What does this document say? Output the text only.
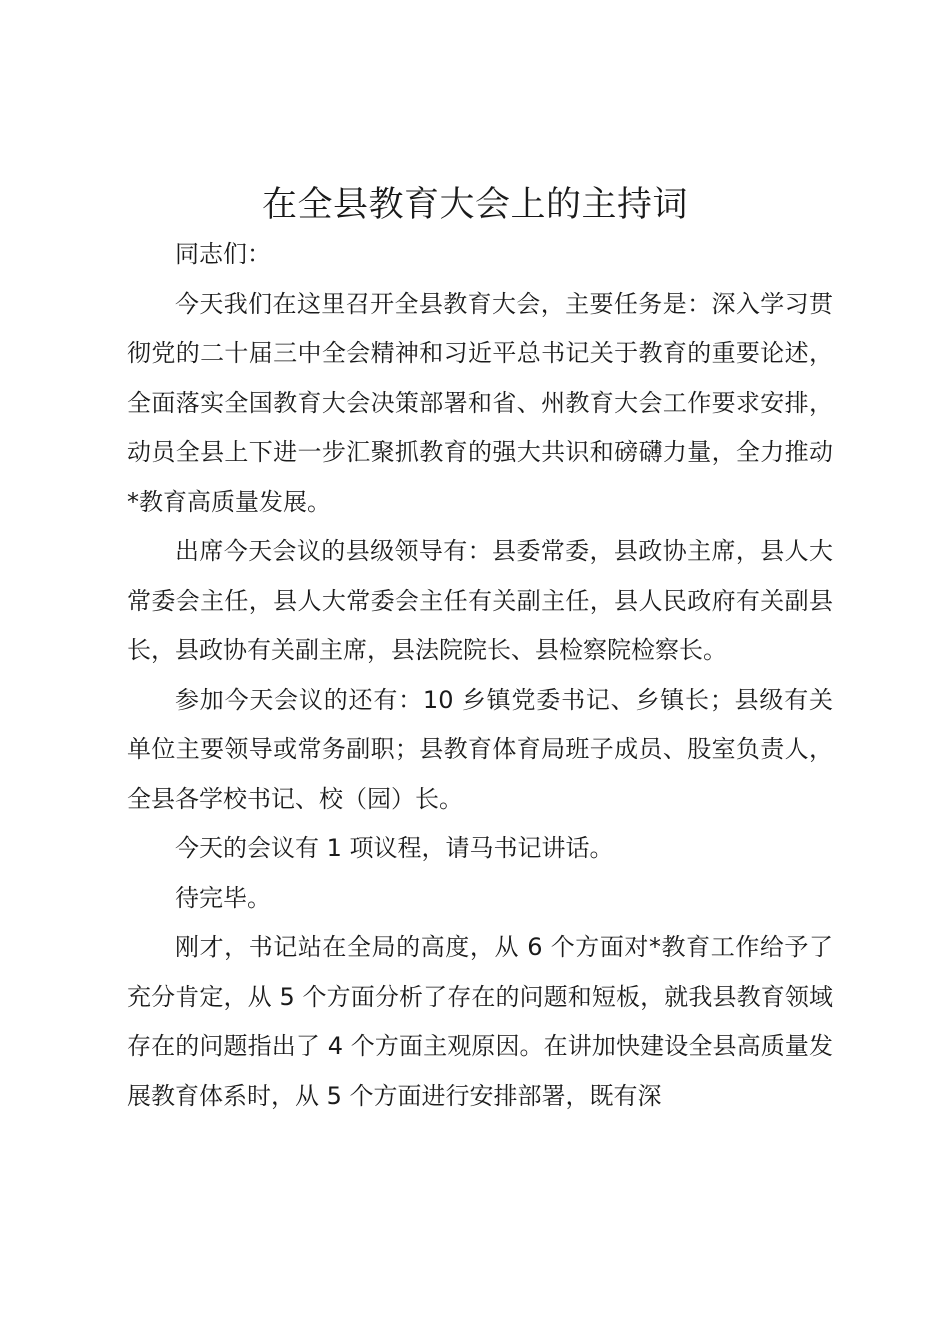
在全县教育大会上的主持词

同志们：

今天我们在这里召开全县教育大会，主要任务是：深入学习贯彻党的二十届三中全会精神和习近平总书记关于教育的重要论述，全面落实全国教育大会决策部署和省、州教育大会工作要求安排，动员全县上下进一步汇聚抓教育的强大共识和磅礴力量，全力推动*教育高质量发展。

出席今天会议的县级领导有：县委常委，县政协主席，县人大常委会主任，县人大常委会主任有关副主任，县人民政府有关副县长，县政协有关副主席，县法院院长、县检察院检察长。

参加今天会议的还有：10 乡镇党委书记、乡镇长；县级有关单位主要领导或常务副职；县教育体育局班子成员、股室负责人，全县各学校书记、校（园）长。

今天的会议有 1 项议程，请马书记讲话。

待完毕。

刚才，书记站在全局的高度，从 6 个方面对*教育工作给予了充分肯定，从 5 个方面分析了存在的问题和短板，就我县教育领域存在的问题指出了 4 个方面主观原因。在讲加快建设全县高质量发展教育体系时，从 5 个方面进行安排部署，既有深
